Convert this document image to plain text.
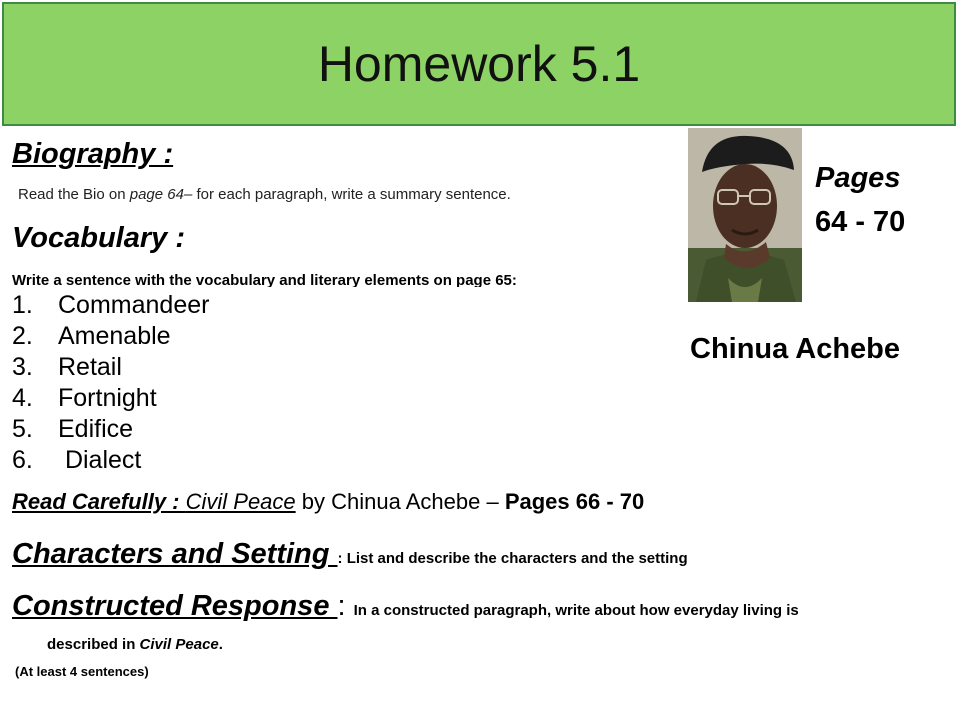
Homework 5.1
Biography :
Read the Bio on page 64– for each paragraph, write a summary sentence.
Vocabulary :
Write a sentence with the vocabulary and literary elements on page 65:
1. Commandeer
2. Amenable
3. Retail
4. Fortnight
5. Edifice
6. Dialect
Pages
64 - 70
Chinua Achebe
Read Carefully : Civil Peace by Chinua Achebe – Pages 66 - 70
Characters and Setting : List and describe the characters and the setting
Constructed Response : In a constructed paragraph, write about how everyday living is
described in Civil Peace.
(At least 4 sentences)
